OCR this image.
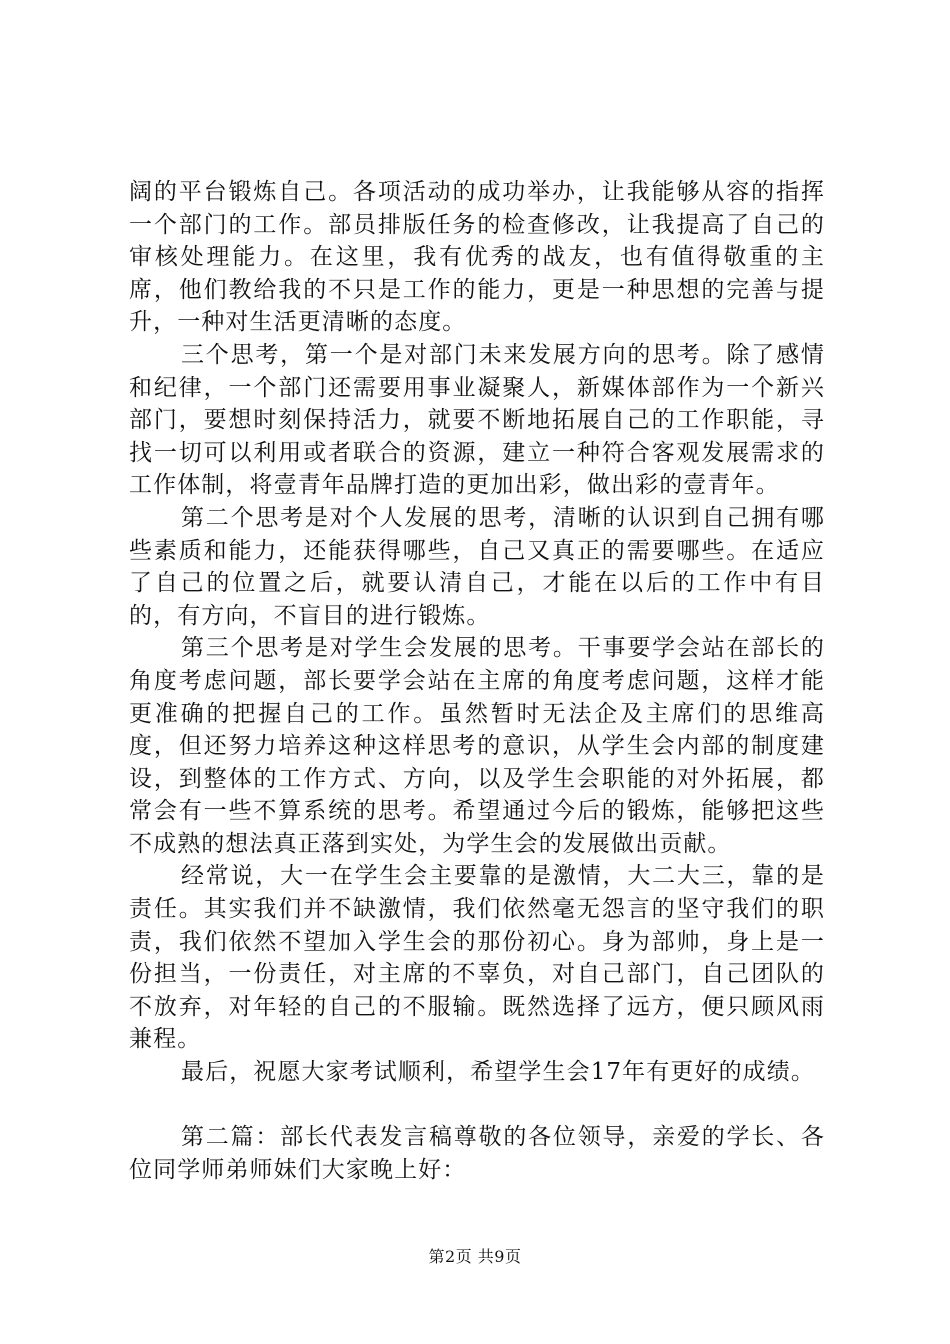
阔的平台锻炼自己。各项活动的成功举办，让我能够从容的指挥一个部门的工作。部员排版任务的检查修改，让我提高了自己的审核处理能力。在这里，我有优秀的战友，也有值得敬重的主席，他们教给我的不只是工作的能力，更是一种思想的完善与提升，一种对生活更清晰的态度。

三个思考，第一个是对部门未来发展方向的思考。除了感情和纪律，一个部门还需要用事业凝聚人，新媒体部作为一个新兴部门，要想时刻保持活力，就要不断地拓展自己的工作职能，寻找一切可以利用或者联合的资源，建立一种符合客观发展需求的工作体制，将壹青年品牌打造的更加出彩，做出彩的壹青年。

第二个思考是对个人发展的思考，清晰的认识到自己拥有哪些素质和能力，还能获得哪些，自己又真正的需要哪些。在适应了自己的位置之后，就要认清自己，才能在以后的工作中有目的，有方向，不盲目的进行锻炼。

第三个思考是对学生会发展的思考。干事要学会站在部长的角度考虑问题，部长要学会站在主席的角度考虑问题，这样才能更准确的把握自己的工作。虽然暂时无法企及主席们的思维高度，但还努力培养这种这样思考的意识，从学生会内部的制度建设，到整体的工作方式、方向，以及学生会职能的对外拓展，都常会有一些不算系统的思考。希望通过今后的锻炼，能够把这些不成熟的想法真正落到实处，为学生会的发展做出贡献。

经常说，大一在学生会主要靠的是激情，大二大三，靠的是责任。其实我们并不缺激情，我们依然毫无怨言的坚守我们的职责，我们依然不望加入学生会的那份初心。身为部帅，身上是一份担当，一份责任，对主席的不辜负，对自己部门，自己团队的不放弃，对年轻的自己的不服输。既然选择了远方，便只顾风雨兼程。

最后，祝愿大家考试顺利，希望学生会17年有更好的成绩。

第二篇：部长代表发言稿尊敬的各位领导，亲爱的学长、各位同学师弟师妹们大家晚上好：

第2页 共9页
